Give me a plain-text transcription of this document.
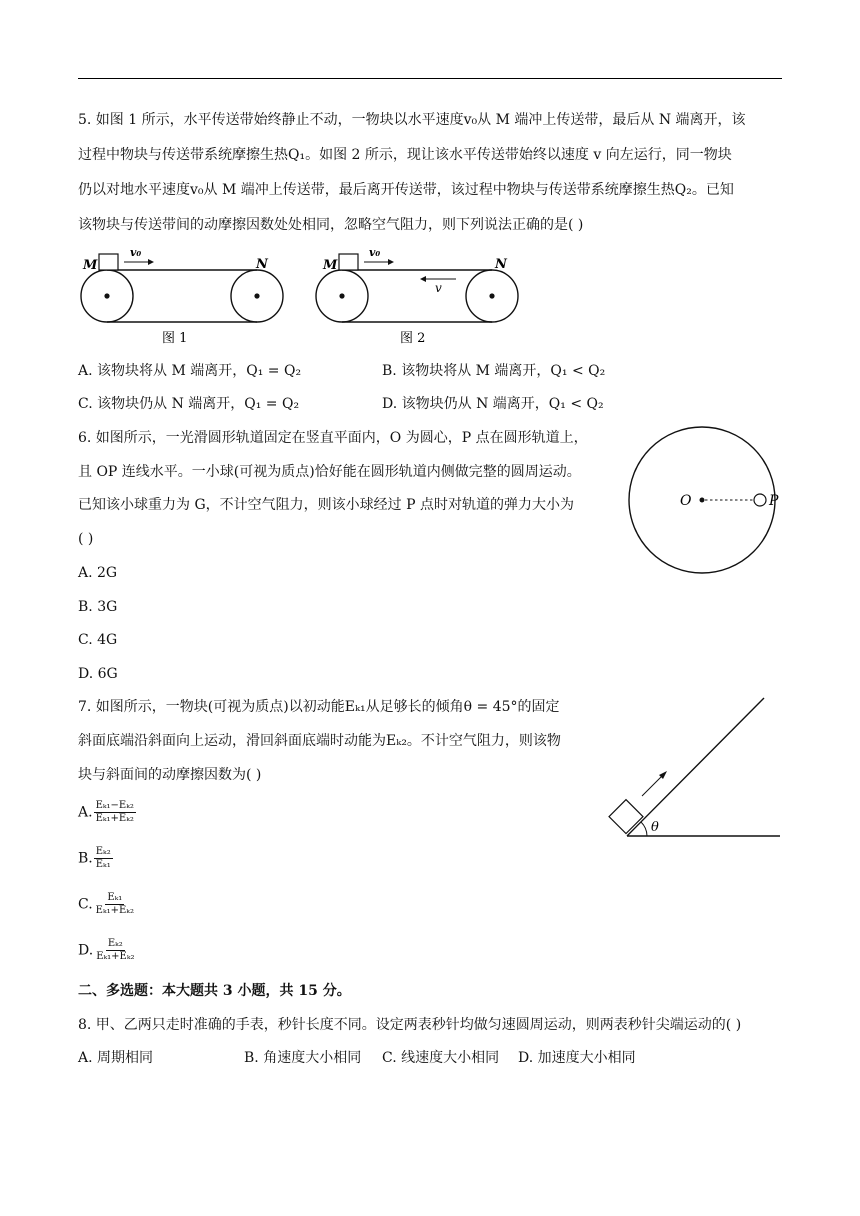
5. 如图 1 所示，水平传送带始终静止不动，一物块以水平速度v₀从 M 端冲上传送带，最后从 N 端离开，该
过程中物块与传送带系统摩擦生热Q₁。如图 2 所示，现让该水平传送带始终以速度 v 向左运行，同一物块
仍以对地水平速度v₀从 M 端冲上传送带，最后离开传送带，该过程中物块与传送带系统摩擦生热Q₂。已知
该物块与传送带间的动摩擦因数处处相同，忽略空气阻力，则下列说法正确的是( )
M	N
v₀
图 1
M	N
v₀
v
图 2
A. 该物块将从 M 端离开，Q₁ = Q₂	B. 该物块将从 M 端离开，Q₁ < Q₂
C. 该物块仍从 N 端离开，Q₁ = Q₂	D. 该物块仍从 N 端离开，Q₁ < Q₂
6. 如图所示，一光滑圆形轨道固定在竖直平面内，O 为圆心，P 点在圆形轨道上，
且 OP 连线水平。一小球(可视为质点)恰好能在圆形轨道内侧做完整的圆周运动。
已知该小球重力为 G，不计空气阻力，则该小球经过 P 点时对轨道的弹力大小为
( )
A. 2G
B. 3G
C. 4G
D. 6G
O	P
7. 如图所示，一物块(可视为质点)以初动能Eₖ₁从足够长的倾角θ = 45°的固定
斜面底端沿斜面向上运动，滑回斜面底端时动能为Eₖ₂。不计空气阻力，则该物
块与斜面间的动摩擦因数为( )
A. $\frac{\text{Eₖ₁−Eₖ₂}}{\text{Eₖ₁+Eₖ₂}}$
B. $\frac{\text{Eₖ₂}}{\text{Eₖ₁}}$
C. $\frac{\text{Eₖ₁}}{\text{Eₖ₁+Eₖ₂}}$
D. $\frac{\text{Eₖ₂}}{\text{Eₖ₁+Eₖ₂}}$
θ
二、多选题：本大题共 3 小题，共 15 分。
8. 甲、乙两只走时准确的手表，秒针长度不同。设定两表秒针均做匀速圆周运动，则两表秒针尖端运动的( )
A. 周期相同	B. 角速度大小相同 C. 线速度大小相同 D. 加速度大小相同
